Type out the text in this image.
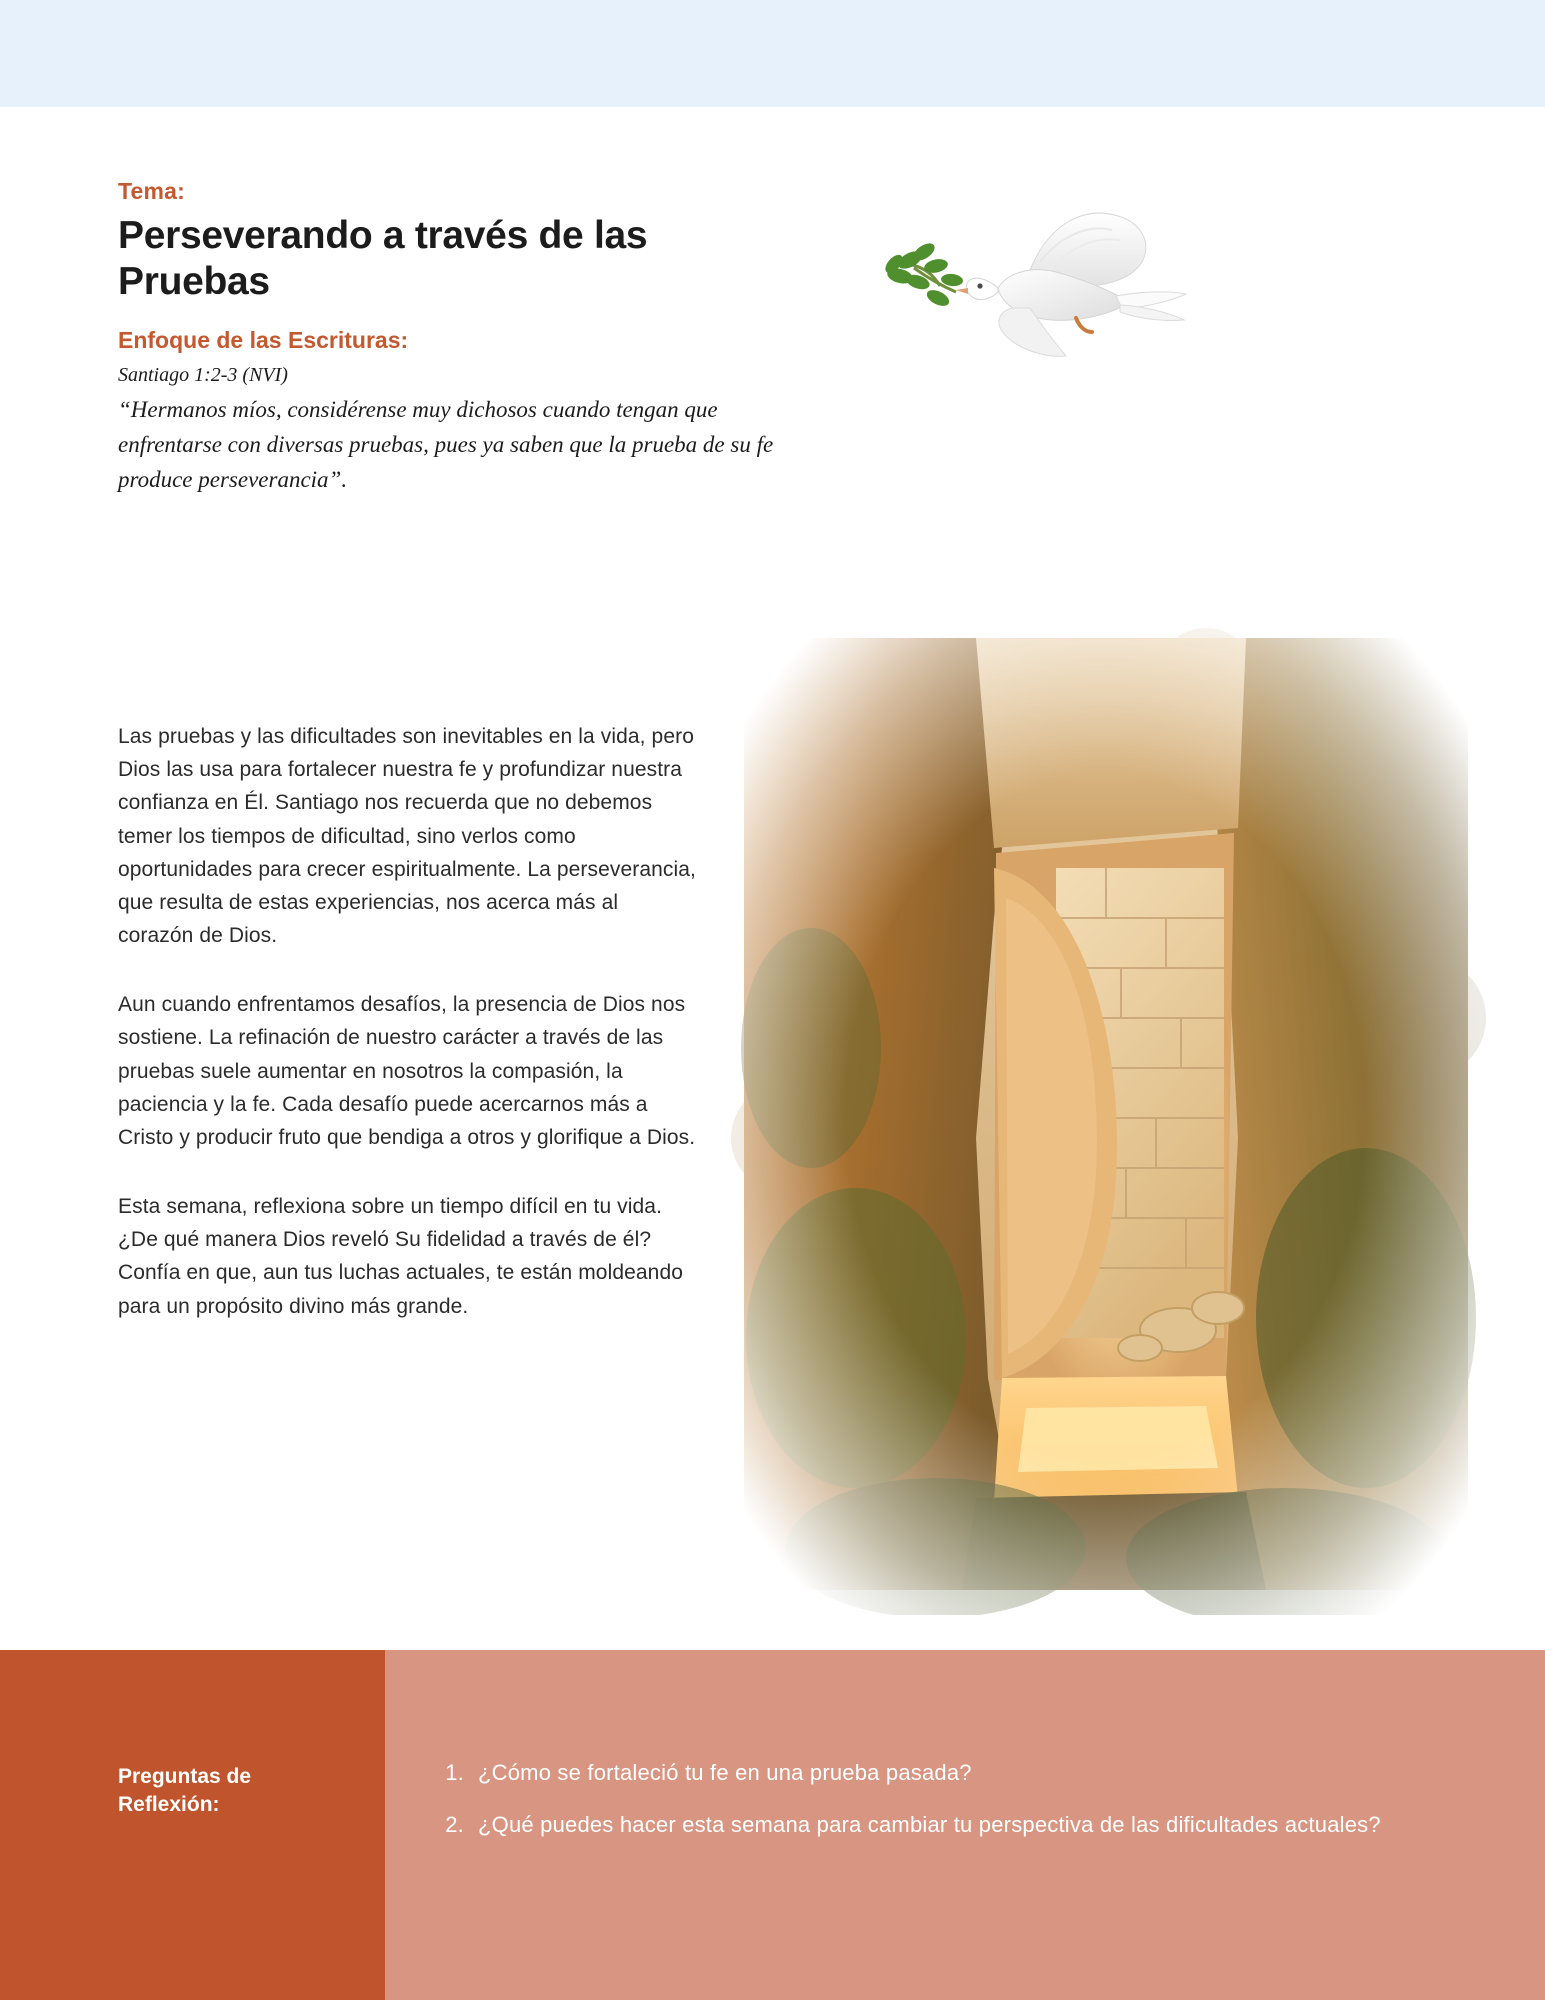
Tema:
Perseverando a través de las Pruebas
Enfoque de las Escrituras:
Santiago 1:2-3 (NVI)
“Hermanos míos, considérense muy dichosos cuando tengan que enfrentarse con diversas pruebas, pues ya saben que la prueba de su fe produce perseverancia”.

Las pruebas y las dificultades son inevitables en la vida, pero Dios las usa para fortalecer nuestra fe y profundizar nuestra confianza en Él. Santiago nos recuerda que no debemos temer los tiempos de dificultad, sino verlos como oportunidades para crecer espiritualmente. La perseverancia, que resulta de estas experiencias, nos acerca más al corazón de Dios.

Aun cuando enfrentamos desafíos, la presencia de Dios nos sostiene. La refinación de nuestro carácter a través de las pruebas suele aumentar en nosotros la compasión, la paciencia y la fe. Cada desafío puede acercarnos más a Cristo y producir fruto que bendiga a otros y glorifique a Dios.

Esta semana, reflexiona sobre un tiempo difícil en tu vida. ¿De qué manera Dios reveló Su fidelidad a través de él? Confía en que, aun tus luchas actuales, te están moldeando para un propósito divino más grande.

Preguntas de Reflexión:
1. ¿Cómo se fortaleció tu fe en una prueba pasada?
2. ¿Qué puedes hacer esta semana para cambiar tu perspectiva de las dificultades actuales?
